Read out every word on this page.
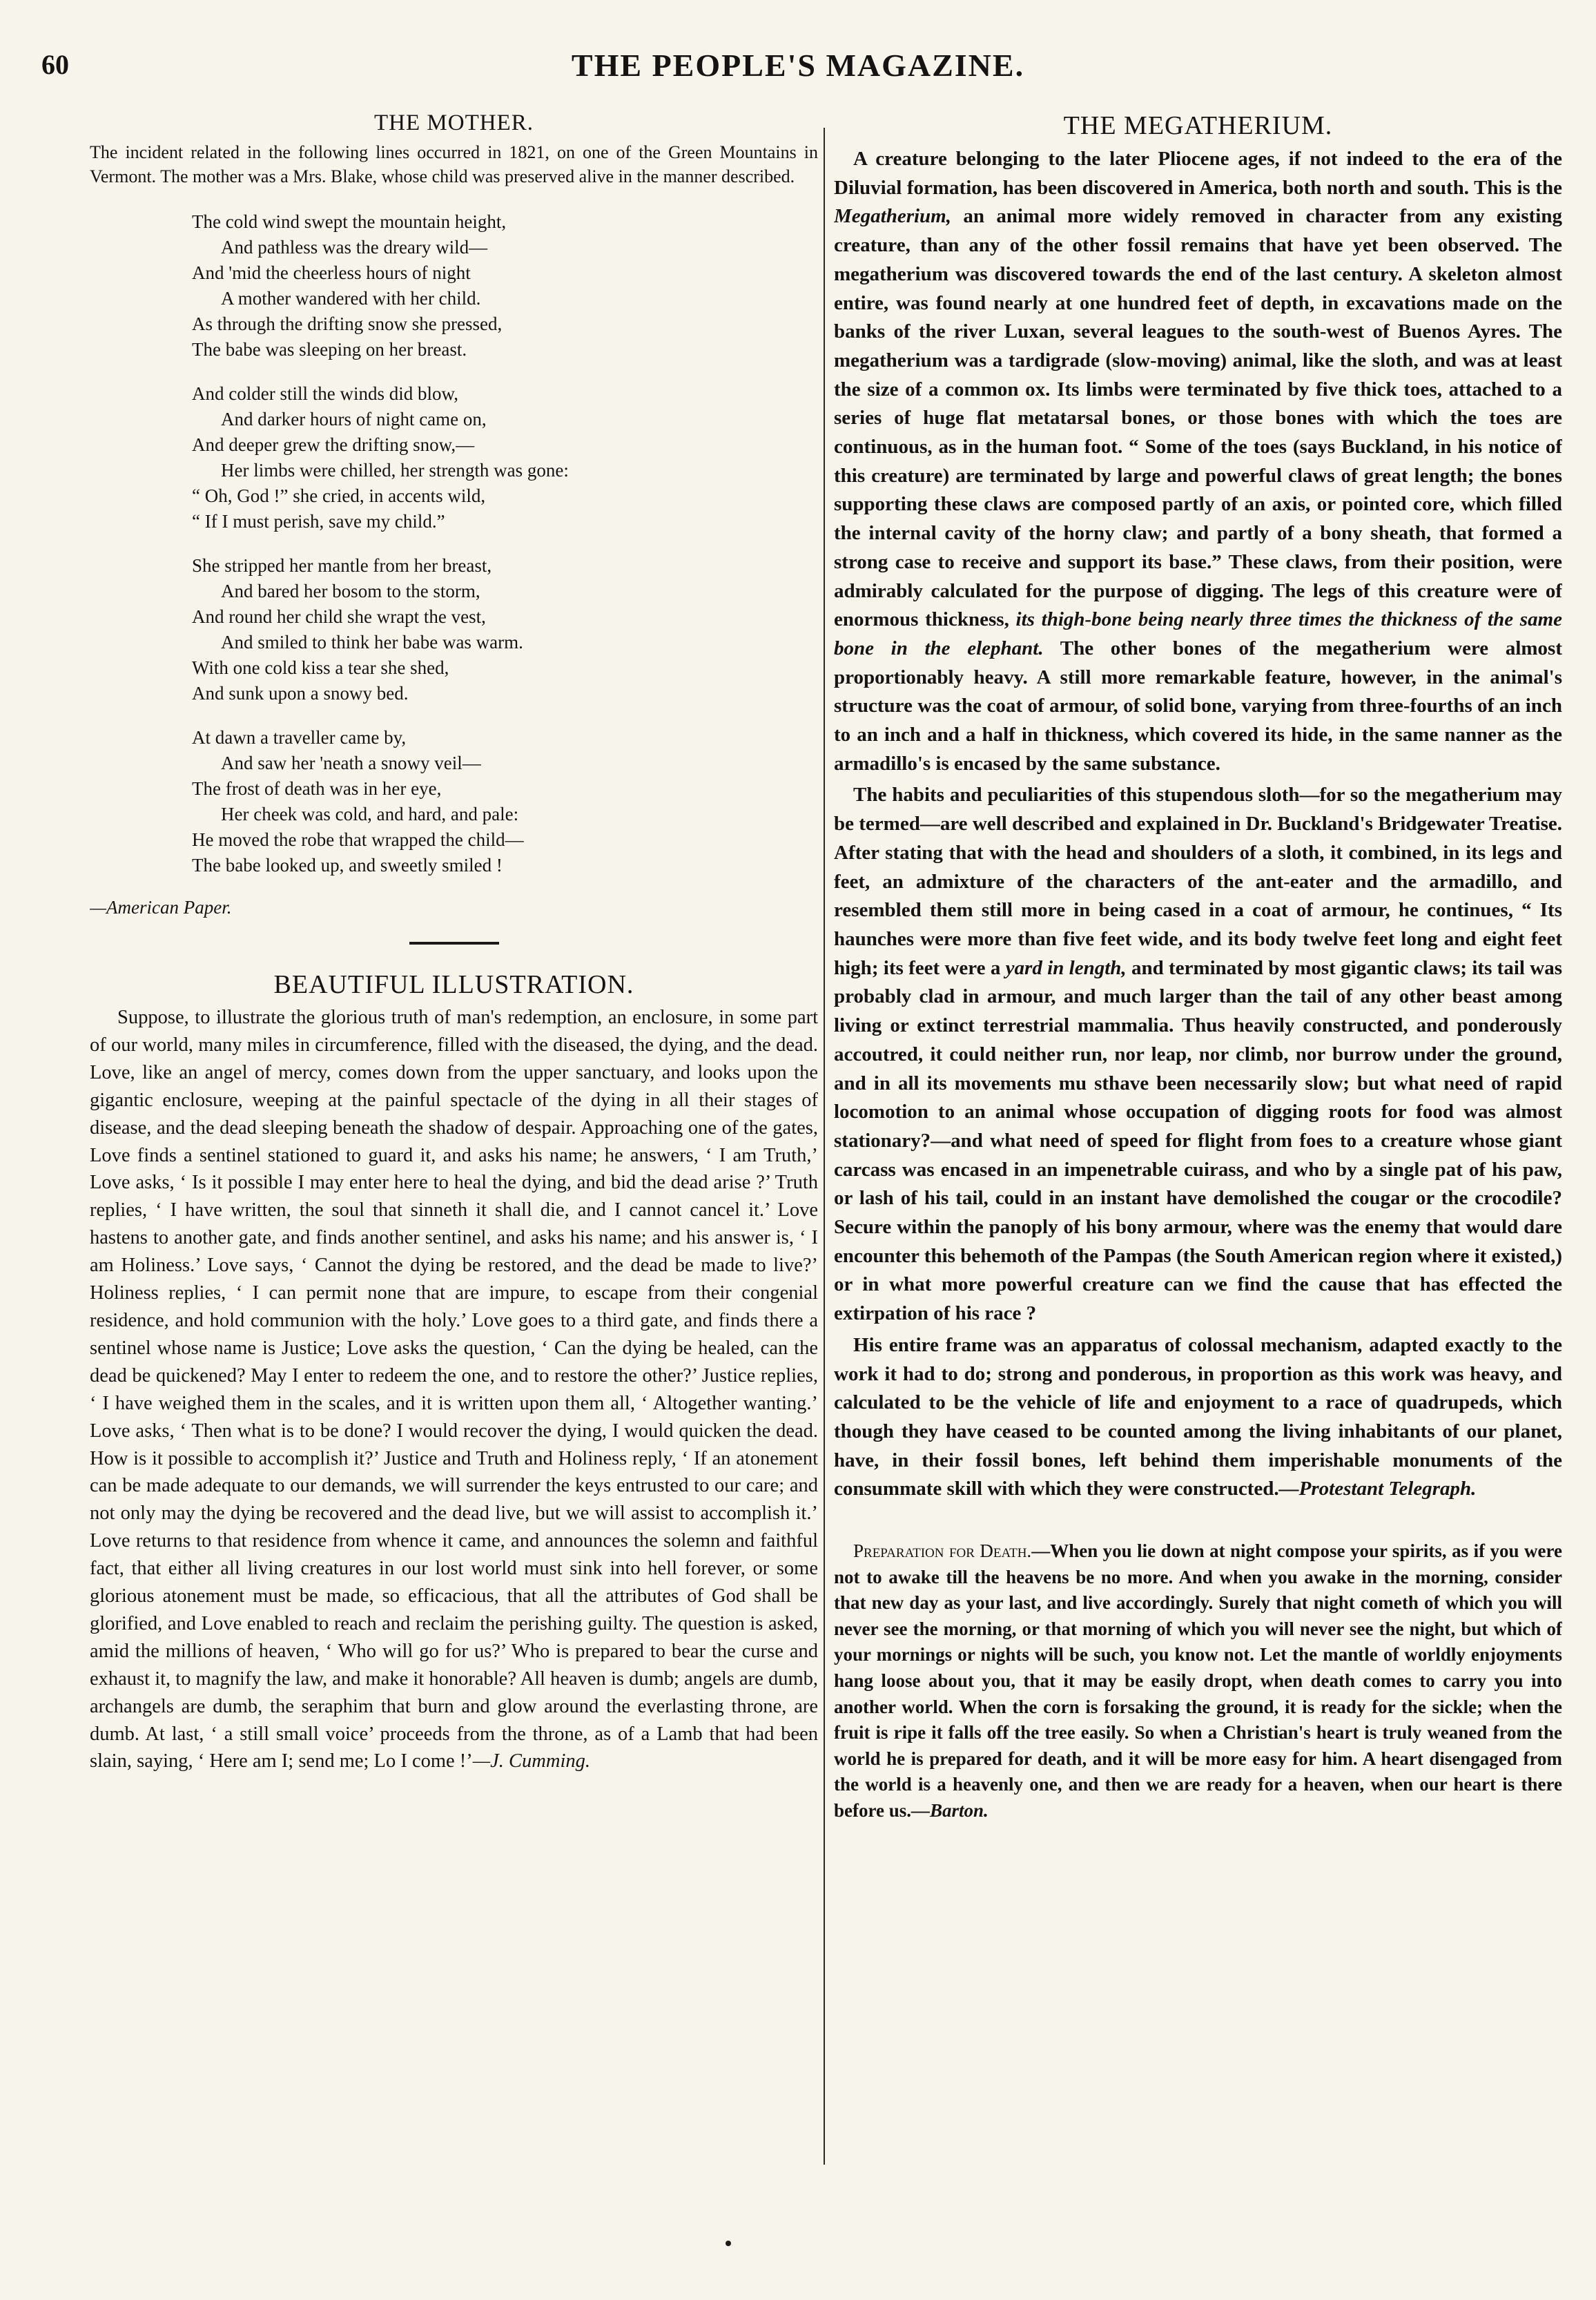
60	THE PEOPLE'S MAGAZINE.
THE MOTHER.

The incident related in the following lines occurred in 1821, on one of the Green Mountains in Vermont. The mother was a Mrs. Blake, whose child was preserved alive in the manner described.

The cold wind swept the mountain height,
And pathless was the dreary wild—
And 'mid the cheerless hours of night
A mother wandered with her child.
As through the drifting snow she pressed,
The babe was sleeping on her breast.
And colder still the winds did blow,
And darker hours of night came on,
And deeper grew the drifting snow,—
Her limbs were chilled, her strength was gone:
“ Oh, God !” she cried, in accents wild,
“ If I must perish, save my child.”
She stripped her mantle from her breast,
And bared her bosom to the storm,
And round her child she wrapt the vest,
And smiled to think her babe was warm.
With one cold kiss a tear she shed,
And sunk upon a snowy bed.
At dawn a traveller came by,
And saw her 'neath a snowy veil—
The frost of death was in her eye,
Her cheek was cold, and hard, and pale:
He moved the robe that wrapped the child—
The babe looked up, and sweetly smiled !

—American Paper.

BEAUTIFUL ILLUSTRATION.

Suppose, to illustrate the glorious truth of man's redemption, an enclosure, in some part of our world, many miles in circumference, filled with the diseased, the dying, and the dead. Love, like an angel of mercy, comes down from the upper sanctuary, and looks upon the gigantic enclosure, weeping at the painful spectacle of the dying in all their stages of disease, and the dead sleeping beneath the shadow of despair. Approaching one of the gates, Love finds a sentinel stationed to guard it, and asks his name; he answers, ‘ I am Truth,’ Love asks, ‘ Is it possible I may enter here to heal the dying, and bid the dead arise ?’ Truth replies, ‘ I have written, the soul that sinneth it shall die, and I cannot cancel it.’ Love hastens to another gate, and finds another sentinel, and asks his name; and his answer is, ‘ I am Holiness.’ Love says, ‘ Cannot the dying be restored, and the dead be made to live?’ Holiness replies, ‘ I can permit none that are impure, to escape from their congenial residence, and hold communion with the holy.’ Love goes to a third gate, and finds there a sentinel whose name is Justice; Love asks the question, ‘ Can the dying be healed, can the dead be quickened? May I enter to redeem the one, and to restore the other?’ Justice replies, ‘ I have weighed them in the scales, and it is written upon them all, ‘ Altogether wanting.’ Love asks, ‘ Then what is to be done? I would recover the dying, I would quicken the dead. How is it possible to accomplish it?’ Justice and Truth and Holiness reply, ‘ If an atonement can be made adequate to our demands, we will surrender the keys entrusted to our care; and not only may the dying be recovered and the dead live, but we will assist to accomplish it.’ Love returns to that residence from whence it came, and announces the solemn and faithful fact, that either all living creatures in our lost world must sink into hell forever, or some glorious atonement must be made, so efficacious, that all the attributes of God shall be glorified, and Love enabled to reach and reclaim the perishing guilty. The question is asked, amid the millions of heaven, ‘ Who will go for us?’ Who is prepared to bear the curse and exhaust it, to magnify the law, and make it honorable? All heaven is dumb; angels are dumb, archangels are dumb, the seraphim that burn and glow around the everlasting throne, are dumb. At last, ‘ a still small voice’ proceeds from the throne, as of a Lamb that had been slain, saying, ‘ Here am I; send me; Lo I come !’—J. Cumming.

THE MEGATHERIUM.

A creature belonging to the later Pliocene ages, if not indeed to the era of the Diluvial formation, has been discovered in America, both north and south. This is the Megatherium, an animal more widely removed in character from any existing creature, than any of the other fossil remains that have yet been observed. The megatherium was discovered towards the end of the last century. A skeleton almost entire, was found nearly at one hundred feet of depth, in excavations made on the banks of the river Luxan, several leagues to the south-west of Buenos Ayres. The megatherium was a tardigrade (slow-moving) animal, like the sloth, and was at least the size of a common ox. Its limbs were terminated by five thick toes, attached to a series of huge flat metatarsal bones, or those bones with which the toes are continuous, as in the human foot. “ Some of the toes (says Buckland, in his notice of this creature) are terminated by large and powerful claws of great length; the bones supporting these claws are composed partly of an axis, or pointed core, which filled the internal cavity of the horny claw; and partly of a bony sheath, that formed a strong case to receive and support its base.” These claws, from their position, were admirably calculated for the purpose of digging. The legs of this creature were of enormous thickness, its thigh-bone being nearly three times the thickness of the same bone in the elephant. The other bones of the megatherium were almost proportionably heavy. A still more remarkable feature, however, in the animal's structure was the coat of armour, of solid bone, varying from three-fourths of an inch to an inch and a half in thickness, which covered its hide, in the same nanner as the armadillo's is encased by the same substance.

The habits and peculiarities of this stupendous sloth—for so the megatherium may be termed—are well described and explained in Dr. Buckland's Bridgewater Treatise. After stating that with the head and shoulders of a sloth, it combined, in its legs and feet, an admixture of the characters of the ant-eater and the armadillo, and resembled them still more in being cased in a coat of armour, he continues, “ Its haunches were more than five feet wide, and its body twelve feet long and eight feet high; its feet were a yard in length, and terminated by most gigantic claws; its tail was probably clad in armour, and much larger than the tail of any other beast among living or extinct terrestrial mammalia. Thus heavily constructed, and ponderously accoutred, it could neither run, nor leap, nor climb, nor burrow under the ground, and in all its movements mu sthave been necessarily slow; but what need of rapid locomotion to an animal whose occupation of digging roots for food was almost stationary?—and what need of speed for flight from foes to a creature whose giant carcass was encased in an impenetrable cuirass, and who by a single pat of his paw, or lash of his tail, could in an instant have demolished the cougar or the crocodile? Secure within the panoply of his bony armour, where was the enemy that would dare encounter this behemoth of the Pampas (the South American region where it existed,) or in what more powerful creature can we find the cause that has effected the extirpation of his race ?

His entire frame was an apparatus of colossal mechanism, adapted exactly to the work it had to do; strong and ponderous, in proportion as this work was heavy, and calculated to be the vehicle of life and enjoyment to a race of quadrupeds, which though they have ceased to be counted among the living inhabitants of our planet, have, in their fossil bones, left behind them imperishable monuments of the consummate skill with which they were constructed.—Protestant Telegraph.

Preparation for Death.—When you lie down at night compose your spirits, as if you were not to awake till the heavens be no more. And when you awake in the morning, consider that new day as your last, and live accordingly. Surely that night cometh of which you will never see the morning, or that morning of which you will never see the night, but which of your mornings or nights will be such, you know not. Let the mantle of worldly enjoyments hang loose about you, that it may be easily dropt, when death comes to carry you into another world. When the corn is forsaking the ground, it is ready for the sickle; when the fruit is ripe it falls off the tree easily. So when a Christian's heart is truly weaned from the world he is prepared for death, and it will be more easy for him. A heart disengaged from the world is a heavenly one, and then we are ready for a heaven, when our heart is there before us.—Barton.
